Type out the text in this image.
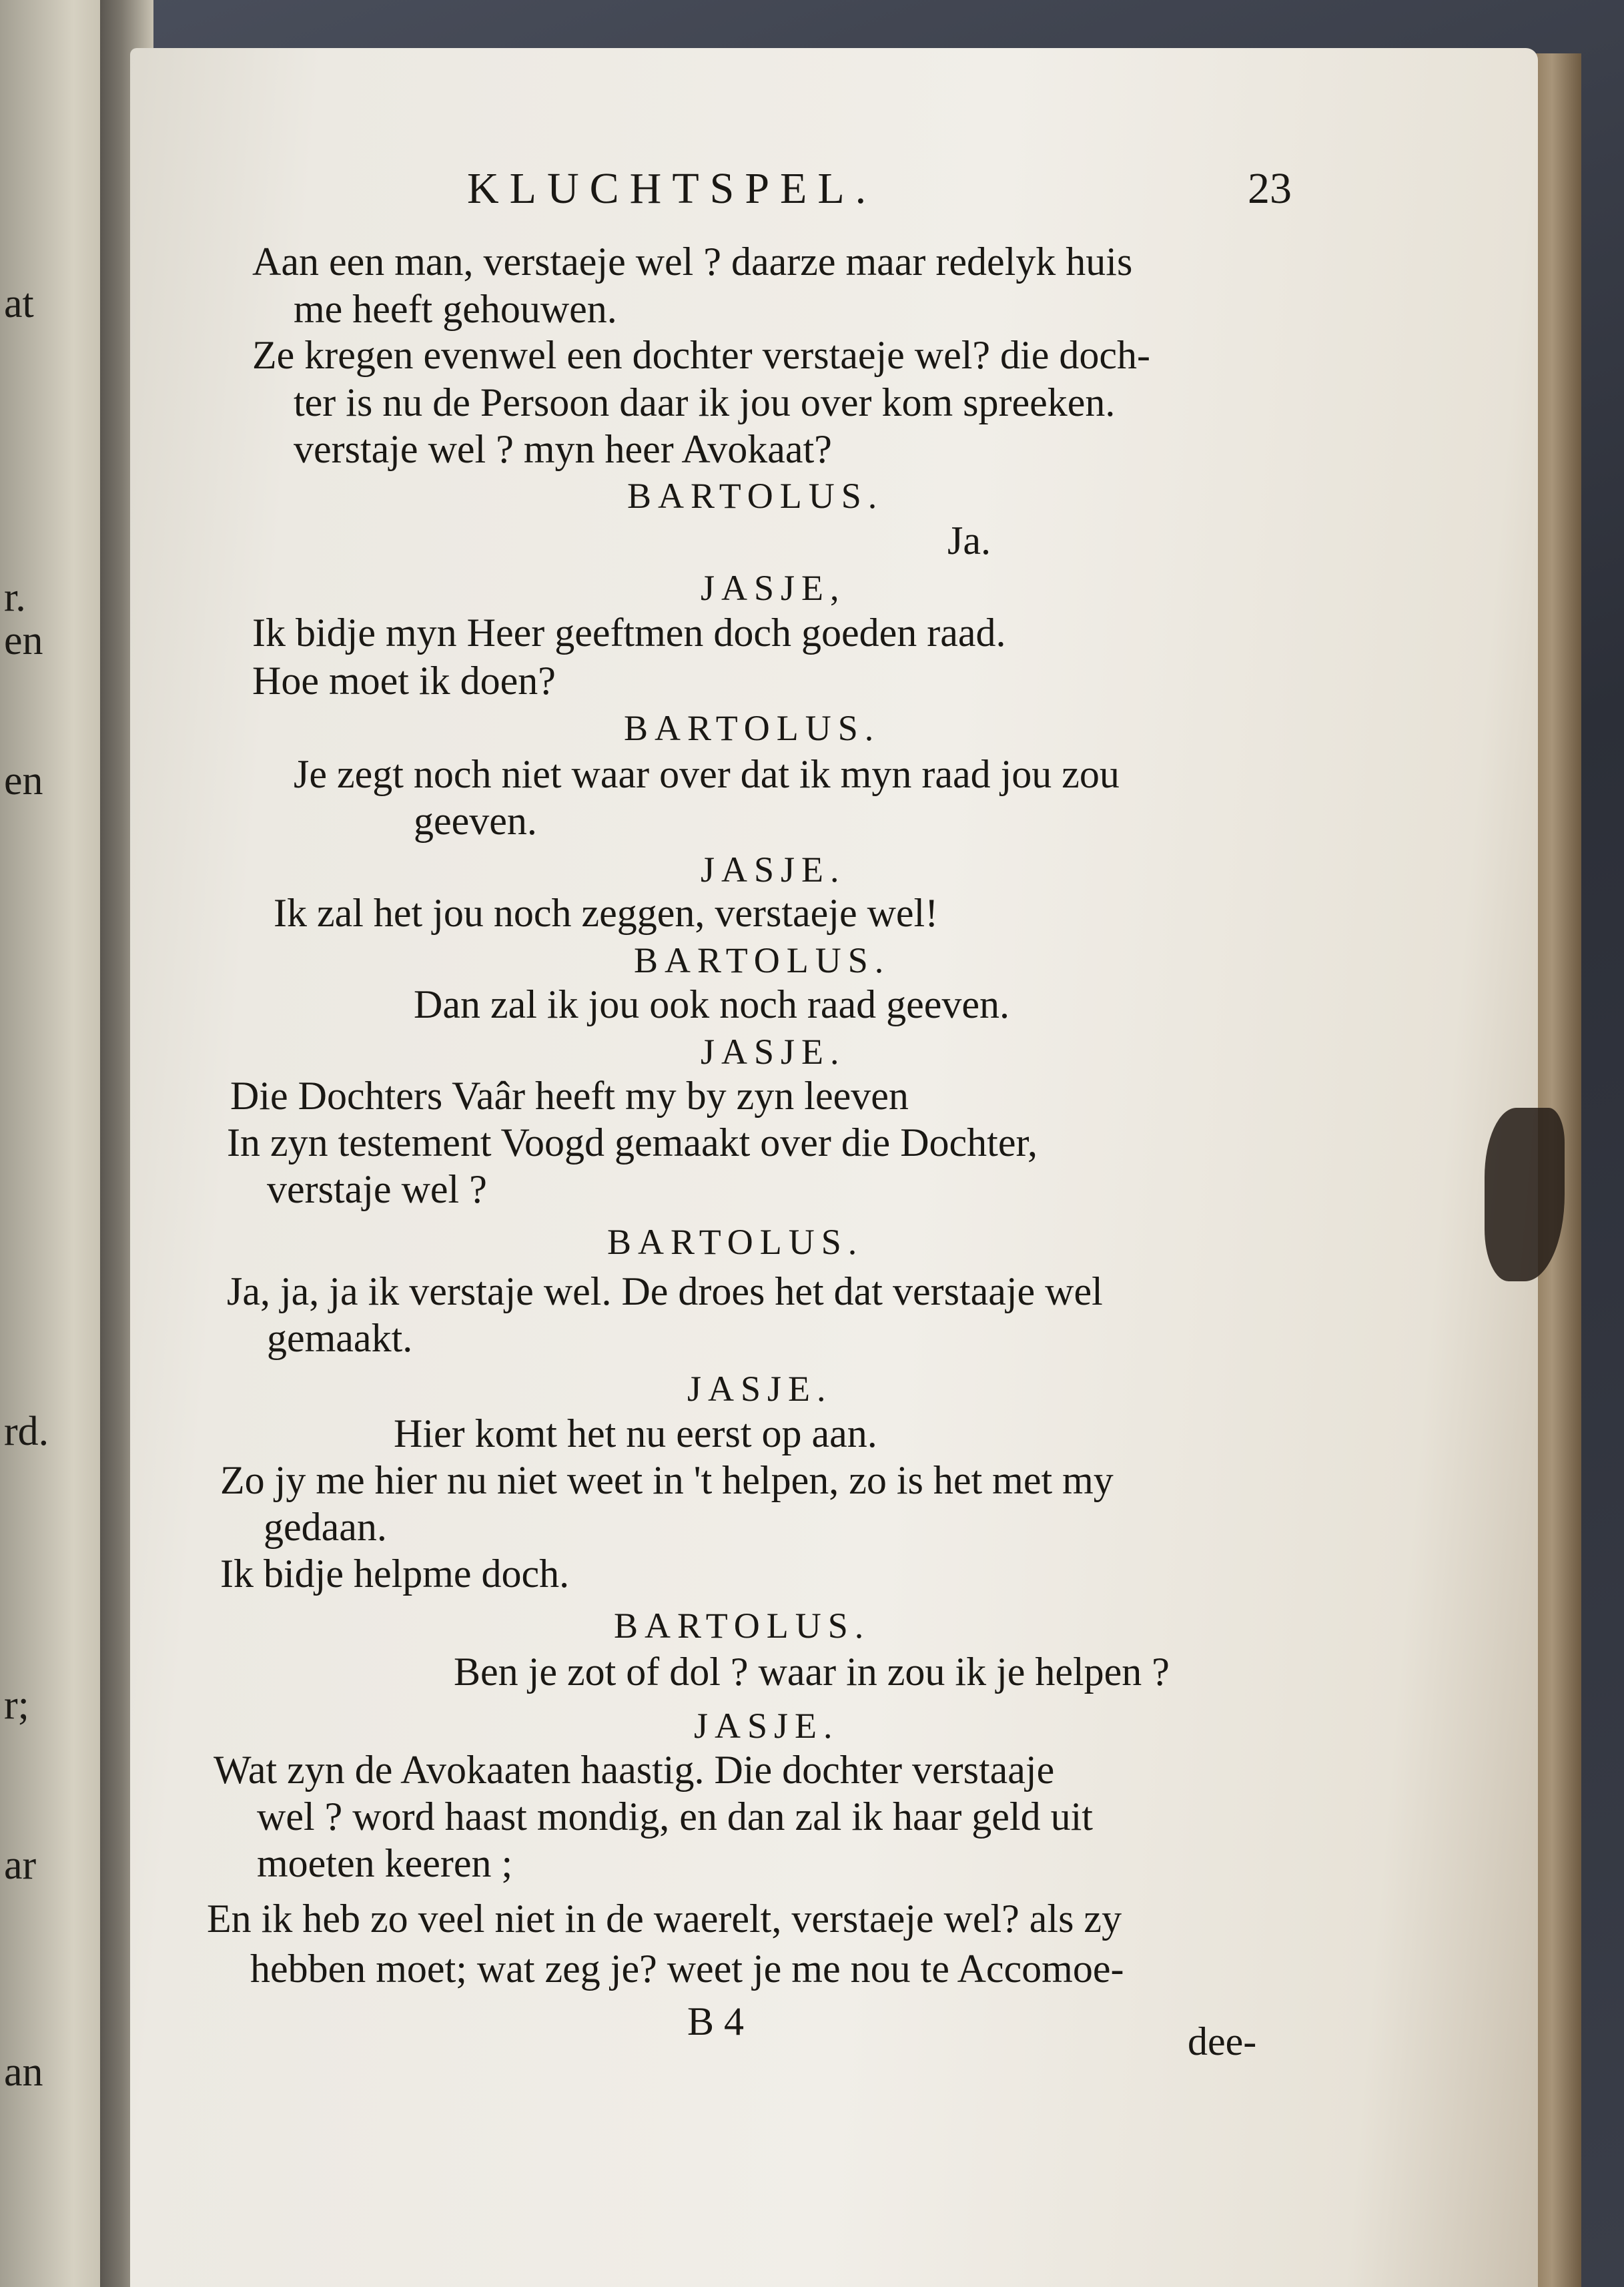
at
r.
en
en
rd.
r;
ar
an
KLUCHTSPEL.	23
Aan een man, verstaeje wel ? daarze maar redelyk huis
me heeft gehouwen.
Ze kregen evenwel een dochter verstaeje wel? die doch-
ter is nu de Persoon daar ik jou over kom spreeken.
verstaje wel ? myn heer Avokaat?
BARTOLUS.
Ja.
JASJE,
Ik bidje myn Heer geeftmen doch goeden raad.
Hoe moet ik doen?
BARTOLUS.
Je zegt noch niet waar over dat ik myn raad jou zou
geeven.
JASJE.
Ik zal het jou noch zeggen, verstaeje wel!
BARTOLUS.
Dan zal ik jou ook noch raad geeven.
JASJE.
Die Dochters Vaâr heeft my by zyn leeven
In zyn testement Voogd gemaakt over die Dochter,
verstaje wel ?
BARTOLUS.
Ja, ja, ja ik verstaje wel. De droes het dat verstaaje wel
gemaakt.
JASJE.
Hier komt het nu eerst op aan.
Zo jy me hier nu niet weet in 't helpen, zo is het met my
gedaan.
Ik bidje helpme doch.
BARTOLUS.
Ben je zot of dol ? waar in zou ik je helpen ?
JASJE.
Wat zyn de Avokaaten haastig. Die dochter verstaaje
wel ? word haast mondig, en dan zal ik haar geld uit
moeten keeren ;
En ik heb zo veel niet in de waerelt, verstaeje wel? als zy
hebben moet; wat zeg je? weet je me nou te Accomoe-
B 4	dee-
